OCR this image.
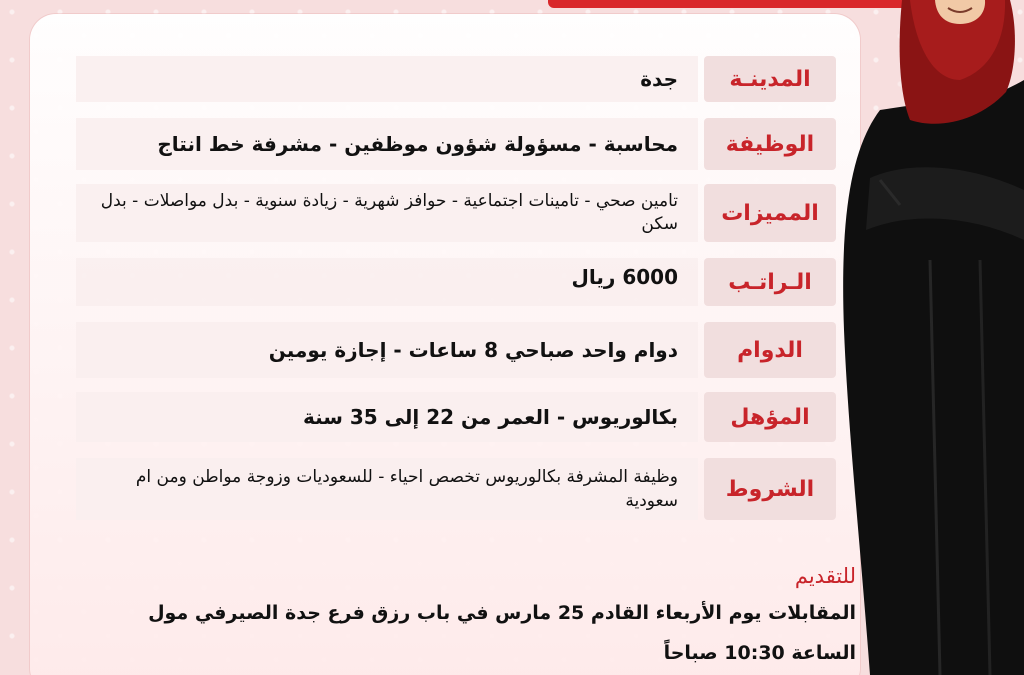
المدينـة
جدة
الوظيفة
محاسبة - مسؤولة شؤون موظفين - مشرفة خط انتاج
المميزات
تامين صحي - تامينات اجتماعية - حوافز شهرية - زيادة سنوية - بدل مواصلات - بدل سكن
الـراتـب
6000 ريال
الدوام
دوام واحد صباحي 8 ساعات - إجازة يومين
المؤهل
بكالوريوس - العمر من 22 إلى 35 سنة
الشروط
وظيفة المشرفة بكالوريوس تخصص احياء - للسعوديات وزوجة مواطن ومن ام سعودية
للتقديم
المقابلات يوم الأربعاء القادم 25 مارس في باب رزق فرع جدة الصيرفي مول
الساعة 10:30 صباحاً
